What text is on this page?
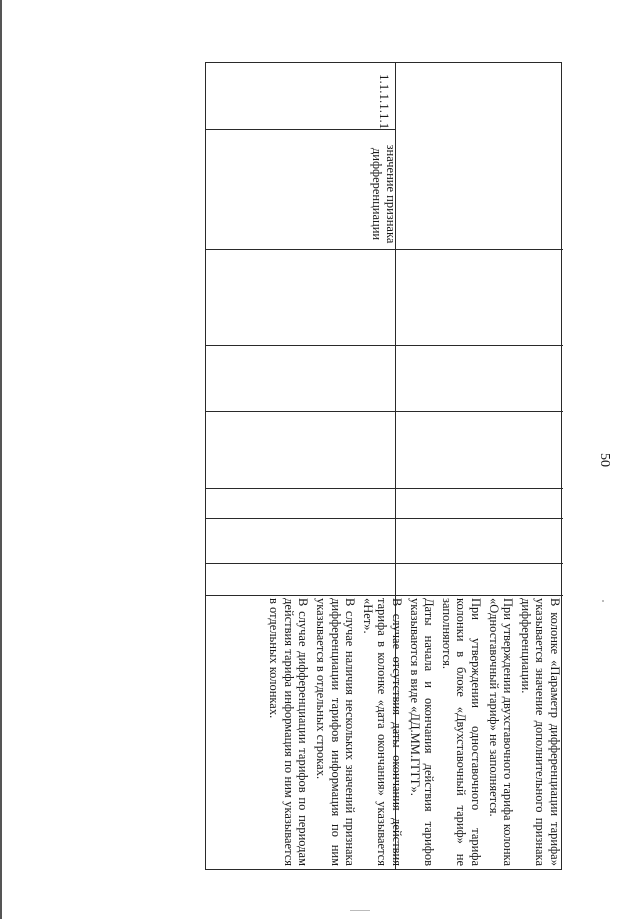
50
1.1.1.1.1.1
значение признака
дифференциации

В колонке «Параметр дифференциации тарифа» указывается значение дополнительного признака дифференциации.

При утверждении двухставочного тарифа колонка «Одноставочный тариф» не заполняется.

При утверждении одноставочного тарифа колонки в блоке «Двухставочный тариф» не заполняются.

Даты начала и окончания действия тарифов указываются в виде «ДД.ММ.ГГГГ».

В случае отсутствия даты окончания действия тарифа в колонке «дата окончания» указывается «Нет».

В случае наличия нескольких значений признака дифференциации тарифов информация по ним указывается в отдельных строках.

В случае дифференциации тарифов по периодам действия тарифа информация по ним указывается в отдельных колонках.
